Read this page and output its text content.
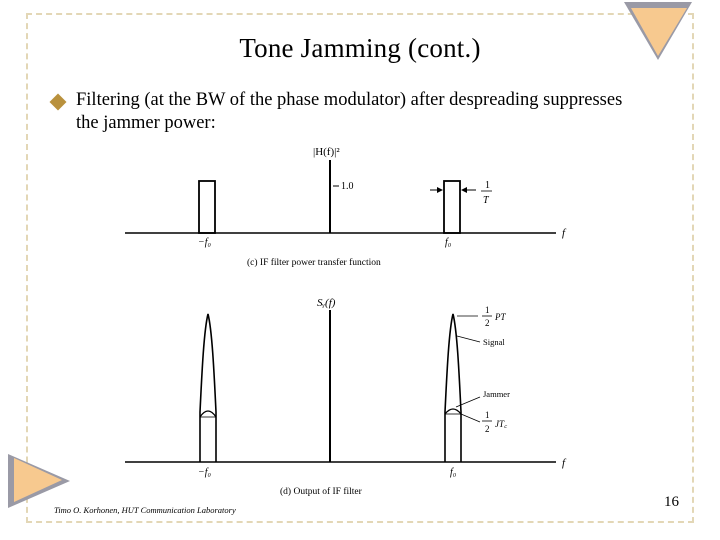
Tone Jamming (cont.)
Filtering (at the BW of the phase modulator) after despreading suppresses the jammer power:
|H(f)|²
1.0	1
T
−f₀	f₀
f
(c) IF filter power transfer function
Sᵧ(f)
1
2
PT
Signal
Jammer
1
2 JT꜀
−f₀	f₀
f
(d) Output of IF filter
Timo O. Korhonen, HUT Communication Laboratory	16
